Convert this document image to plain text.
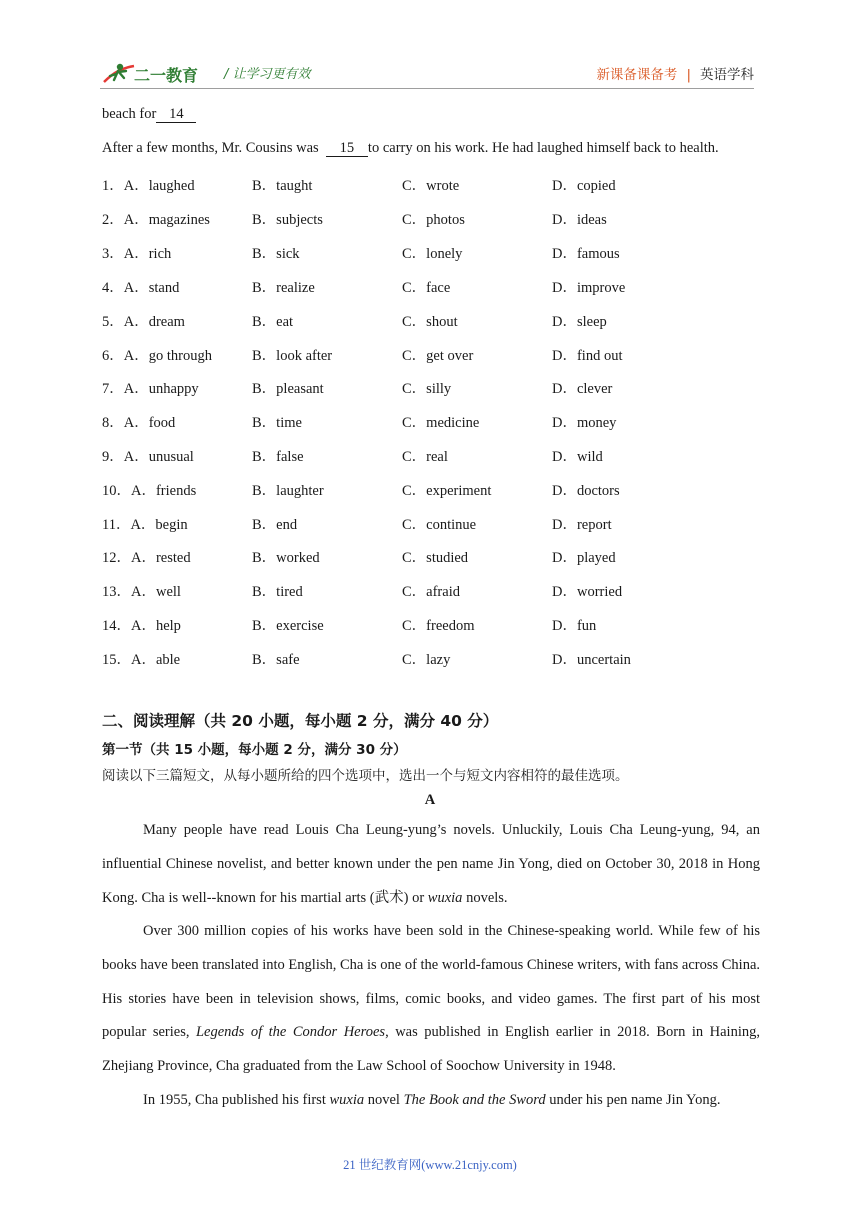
二一教育 / 让学习更有效	新课备课备考 | 英语学科
beach for 14
After a few months, Mr. Cousins was 15 to carry on his work. He had laughed himself back to health.
1．A．laughed	B．taught	C．wrote	D．copied
2．A．magazines	B．subjects	C．photos	D．ideas
3．A．rich	B．sick	C．lonely	D．famous
4．A．stand	B．realize	C．face	D．improve
5．A．dream	B．eat	C．shout	D．sleep
6．A．go through	B．look after	C．get over	D．find out
7．A．unhappy	B．pleasant	C．silly	D．clever
8．A．food	B．time	C．medicine	D．money
9．A．unusual	B．false	C．real	D．wild
10．A．friends	B．laughter	C．experiment	D．doctors
11．A．begin	B．end	C．continue	D．report
12．A．rested	B．worked	C．studied	D．played
13．A．well	B．tired	C．afraid	D．worried
14．A．help	B．exercise	C．freedom	D．fun
15．A．able	B．safe	C．lazy	D．uncertain
二、阅读理解（共 20 小题，每小题 2 分，满分 40 分）
第一节（共 15 小题，每小题 2 分，满分 30 分）
阅读以下三篇短文，从每小题所给的四个选项中，选出一个与短文内容相符的最佳选项。
A

Many people have read Louis Cha Leung-yung’s novels. Unluckily, Louis Cha Leung-yung, 94, an influential Chinese novelist, and better known under the pen name Jin Yong, died on October 30, 2018 in Hong Kong. Cha is well--known for his martial arts (武术) or wuxia novels.

Over 300 million copies of his works have been sold in the Chinese-speaking world. While few of his books have been translated into English, Cha is one of the world-famous Chinese writers, with fans across China. His stories have been in television shows, films, comic books, and video games. The first part of his most popular series, Legends of the Condor Heroes, was published in English earlier in 2018. Born in Haining, Zhejiang Province, Cha graduated from the Law School of Soochow University in 1948.

In 1955, Cha published his first wuxia novel The Book and the Sword under his pen name Jin Yong.

21 世纪教育网(www.21cnjy.com)
